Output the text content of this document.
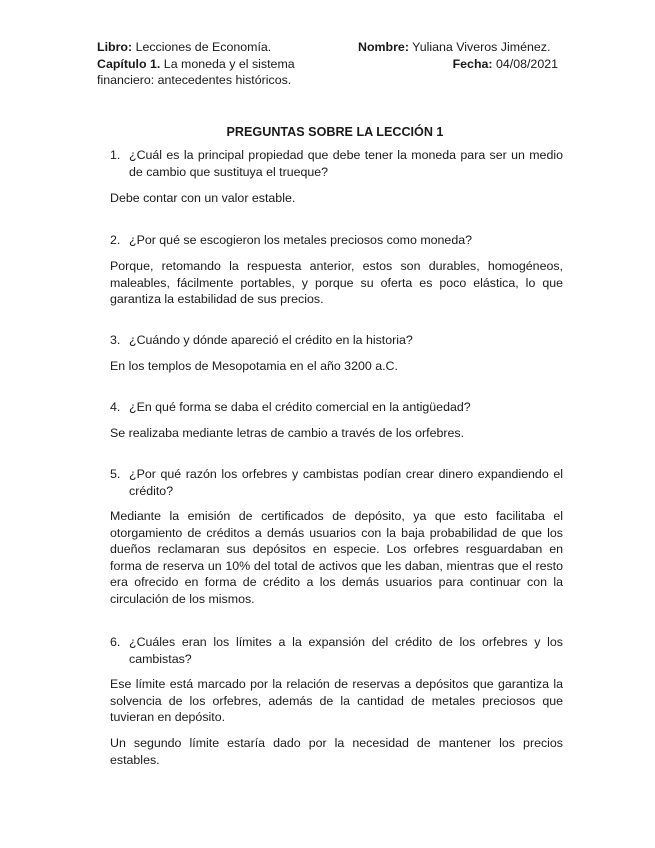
Libro: Lecciones de Economía.
Capítulo 1. La moneda y el sistema
financiero: antecedentes históricos.
Nombre: Yuliana Viveros Jiménez.
Fecha: 04/08/2021
PREGUNTAS SOBRE LA LECCIÓN 1
1. ¿Cuál es la principal propiedad que debe tener la moneda para ser un medio de cambio que sustituya el trueque?
Debe contar con un valor estable.
2. ¿Por qué se escogieron los metales preciosos como moneda?
Porque, retomando la respuesta anterior, estos son durables, homogéneos, maleables, fácilmente portables, y porque su oferta es poco elástica, lo que garantiza la estabilidad de sus precios.
3. ¿Cuándo y dónde apareció el crédito en la historia?
En los templos de Mesopotamia en el año 3200 a.C.
4. ¿En qué forma se daba el crédito comercial en la antigüedad?
Se realizaba mediante letras de cambio a través de los orfebres.
5. ¿Por qué razón los orfebres y cambistas podían crear dinero expandiendo el crédito?
Mediante la emisión de certificados de depósito, ya que esto facilitaba el otorgamiento de créditos a demás usuarios con la baja probabilidad de que los dueños reclamaran sus depósitos en especie. Los orfebres resguardaban en forma de reserva un 10% del total de activos que les daban, mientras que el resto era ofrecido en forma de crédito a los demás usuarios para continuar con la circulación de los mismos.
6. ¿Cuáles eran los límites a la expansión del crédito de los orfebres y los cambistas?
Ese límite está marcado por la relación de reservas a depósitos que garantiza la solvencia de los orfebres, además de la cantidad de metales preciosos que tuvieran en depósito.
Un segundo límite estaría dado por la necesidad de mantener los precios estables.
